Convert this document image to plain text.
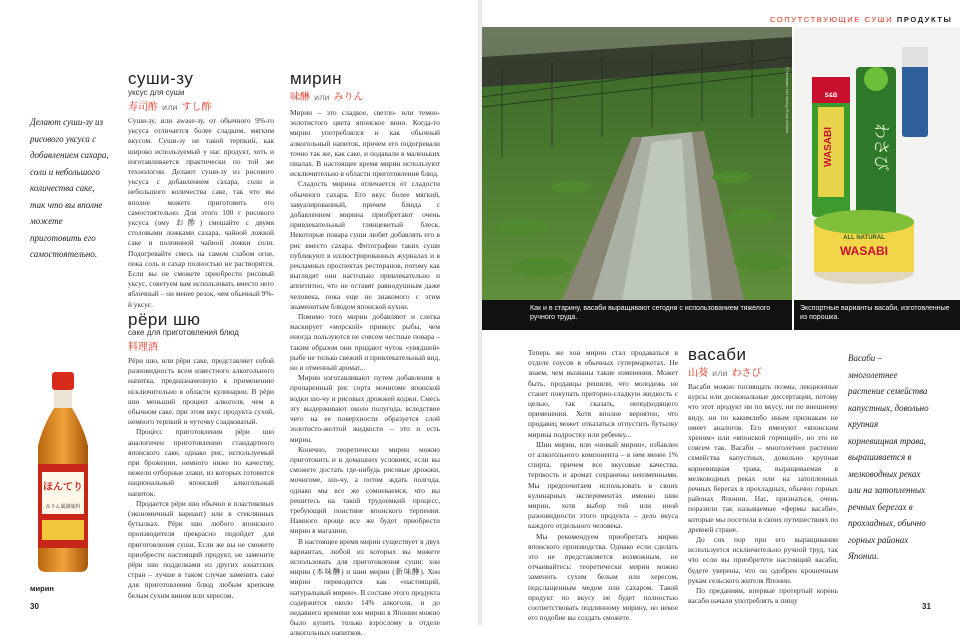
Делают суши-зу из рисового уксуса с добавлением сахара, соли и небольшого количества саке, так что вы вполне можете приготовить его самостоятельно.
суши-зу
уксус для суши
寿司酢 или すし酢

Суши-зу, или awase-зу, от обычного 9%-го уксуса отличается более сладким, мягким вкусом. Суши-зу не такой терпкий, как широко используемый у нас продукт, хоть и изготавливается практически по той же технологии. Делают суши-зу из рисового уксуса с добавлением сахара, соли и небольшого количества саке, так что вы вполне можете приготовить его самостоятельно. Для этого 100 г рисового уксуса (ому お酢) смешайте с двумя столовыми ложками сахара, чайной ложкой саке и половиной чайной ложки соли. Подогревайте смесь на самом слабом огне, пока соль и сахар полностью не растворятся. Если вы не сможете приобрести рисовый уксус, советуем вам использовать вместо него яблочный – он менее резок, чем обычный 9%-й уксус.

рёри шю
саке для приготовления блюд
料理酒

Рёри шю, или рёри саке, представляет собой разновидность всем известного алкогольного напитка, предназначенную к применению исключительно в области кулинарии. В рёри шю меньший процент алкоголя, чем в обычном саке, при этом вкус продукта сухой, немного терпкий и чуточку сладковатый.

Процесс приготовления рёри шю аналогичен приготовлению стандартного японского саке, однако рис, используемый при брожении, немного ниже по качеству, нежели отборные злаки, из которых готовится национальный японский алкогольный напиток.

Продается рёри шю обычно в пластиковых (экономичный вариант) или в стеклянных бутылках. Рёри шю любого японского производителя прекрасно подойдет для приготовления суши. Если же вы не сможете приобрести настоящий продукт, не замените рёри шю подделками из других азиатских стран – лучше в таком случае заменить саке для приготовления блюд любым крепким белым сухим вином или хересом.

ほんてり
みりん風調味料
мирин
мирин
味醂 или みりん

Мирин – это сладкое, светло- или темно-золотистого цвета японское вино. Когда-то мирин употреблялся и как обычный алкогольный напиток, причем его подогревали точно так же, как саке, и подавали в маленьких пиалах. В настоящее время мирин используют исключительно в области приготовления блюд.

Сладость мирина отличается от сладости обычного сахара. Его вкус более мягкий, завуалированный, причем блюда с добавлением мирина приобретают очень привлекательный глянцевитый блеск. Некоторые повара суши любят добавлять его в рис вместо сахара. Фотографии таких суши публикуют в иллюстрированных журналах и в рекламных проспектах ресторанов, потому как выглядят они настолько привлекательно и аппетитно, что не оставят равнодушным даже человека, пока еще не знакомого с этим знаменитым блюдом японской кухни.

Помимо того мирин добавляют и слегка маскирует «морской» привкус рыбы, чем иногда пользуются не совсем честные повара – таким образом они придают чуток «увядшей» рыбе не только свежий и привлекательный вид, но и отменный аромат...

Мирин изготавливают путем добавления в пропаренный рис сорта мочигоме японской водки шо-чу и рисовых дрожжей коджи. Смесь эту выдерживают около полугода, вследствие чего на ее поверхности образуется слой золотисто-желтой жидкости – это и есть мирин.

Конечно, теоретически мирин можно приготовить и в домашних условиях, если вы сможете достать где-нибудь рисовые дрожжи, мочигоме, шо-чу, а потом ждать полгода, однако мы все же сомневаемся, что вы решитесь на такой трудоемкий процесс, требующий поистине японского терпения. Намного проще все же будет приобрести мирин в магазине.

В настоящее время мирин существует в двух вариантах, любой из которых вы можете использовать для приготовления суши: хон мирин (本味醂) и шин мирин (新味醂). Хон мирин переводится как «настоящий, натуральный мирин». В составе этого продукта содержится около 14% алкоголя, и до недавнего времени хон мирин в Японии можно было купить только взрослому в отделе алкогольных напитков.

30
СОПУТСТВУЮЩИЕ СУШИ ПРОДУКТЫ
© Mountain Hot Spring Photo Archive	S&B
WASABI わさび
ALL NATURAL
WASABI
Как и в старину, васаби выращивают сегодня с использованием тяжелого ручного труда.
Экспортные варианты васаби, изготовленные из порошка.

Теперь же хон мирин стал продаваться в отделе соусов в обычных супермаркетах. Не знаем, чем вызваны такие изменения. Может быть, продавцы решили, что молодежь не станет покупать приторно-сладкую жидкость с целью, так сказать, неподходящего применения. Хотя вполне вероятно, что продавец может отказаться отпустить бутылку мирина подростку или ребенку...

Шин мирин, или «новый мирин», избавлен от алкогольного компонента – в нем менее 1% спирта, причем все вкусовые качества, терпкость и аромат сохранены неизменными. Мы предпочитаем использовать в своих кулинарных экспериментах именно шин мирин, хотя выбор той или иной разновидности этого продукта – дело вкуса каждого отдельного человека.

Мы рекомендуем приобретать мирин японского производства. Однако если сделать это не представляется возможным, не отчаивайтесь: теоретически мирин можно заменить сухим белым или хересом, подслащенным медом или сахаром. Такой продукт по вкусу не будет полностью соответствовать подлинному мирину, но некое его подобие вы создать сможете.

васаби
山葵 или わさび

Васаби можно посвящать поэмы, лекционные курсы или доскональные диссертации, потому что этот продукт ни по вкусу, ни по внешнему виду, ни по какимлибо иным признакам не имеет аналогов. Его именуют «японским хреном» или «японской горчицей», но это не совсем так. Васаби – многолетнее растение семейства капустных, довольно крупная корневищная трава, выращиваемая в мелководных реках или на затопленных речных берегах в прохладных, обычно горных районах Японии. Нас, признаться, очень поразили так называемые «фермы васаби», которые мы посетили в своих путешествиях по древней стране.

До сих пор при его выращивании используется исключительно ручной труд, так что если вы приобретете настоящий васаби, будете уверены, что он одобрен крошечным рукам сельского жителя Японии.

По преданиям, впервые протертый корень васаби начали употреблять в пищу

Васаби – многолетнее растение семейства капустных, довольно крупная корневищная трава, вырашивается в мелководных реках или на затопленных речных берегах в прохладных, обычно горных районах Японии.
31
